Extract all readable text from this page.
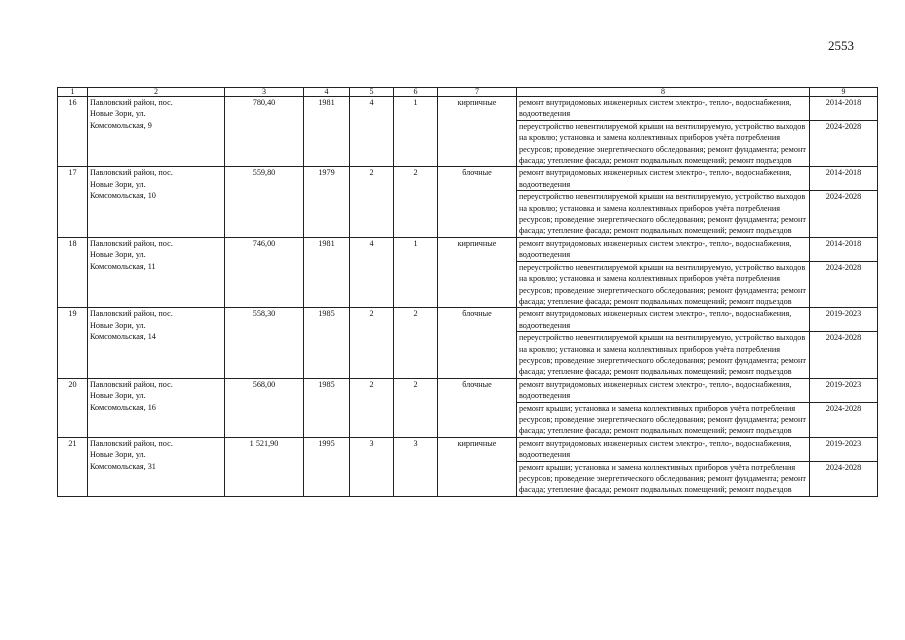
2553
1	2	3	4	5	6	7	8	9
16	Павловский район, пос.
Новые Зори, ул.
Комсомольская, 9	780,40	1981	4	1	кирпичные	ремонт внутридомовых инженерных систем электро-, тепло-, водоснабжения, водоотведения	2014-2018
							переустройство невентилируемой крыши на вентилируемую, устройство выходов на кровлю; установка и замена коллективных приборов учёта потребления ресурсов; проведение энергетического обследования; ремонт фундамента; ремонт фасада; утепление фасада; ремонт подвальных помещений; ремонт подъездов	2024-2028
17	Павловский район, пос.
Новые Зори, ул.
Комсомольская, 10	559,80	1979	2	2	блочные	ремонт внутридомовых инженерных систем электро-, тепло-, водоснабжения, водоотведения	2014-2018
							переустройство невентилируемой крыши на вентилируемую, устройство выходов на кровлю; установка и замена коллективных приборов учёта потребления ресурсов; проведение энергетического обследования; ремонт фундамента; ремонт фасада; утепление фасада; ремонт подвальных помещений; ремонт подъездов	2024-2028
18	Павловский район, пос.
Новые Зори, ул.
Комсомольская, 11	746,00	1981	4	1	кирпичные	ремонт внутридомовых инженерных систем электро-, тепло-, водоснабжения, водоотведения	2014-2018
							переустройство невентилируемой крыши на вентилируемую, устройство выходов на кровлю; установка и замена коллективных приборов учёта потребления ресурсов; проведение энергетического обследования; ремонт фундамента; ремонт фасада; утепление фасада; ремонт подвальных помещений; ремонт подъездов	2024-2028
19	Павловский район, пос.
Новые Зори, ул.
Комсомольская, 14	558,30	1985	2	2	блочные	ремонт внутридомовых инженерных систем электро-, тепло-, водоснабжения, водоотведения	2019-2023
							переустройство невентилируемой крыши на вентилируемую, устройство выходов на кровлю; установка и замена коллективных приборов учёта потребления ресурсов; проведение энергетического обследования; ремонт фундамента; ремонт фасада; утепление фасада; ремонт подвальных помещений; ремонт подъездов	2024-2028
20	Павловский район, пос.
Новые Зори, ул.
Комсомольская, 16	568,00	1985	2	2	блочные	ремонт внутридомовых инженерных систем электро-, тепло-, водоснабжения, водоотведения	2019-2023
							ремонт крыши; установка и замена коллективных приборов учёта потребления ресурсов; проведение энергетического обследования; ремонт фундамента; ремонт фасада; утепление фасада; ремонт подвальных помещений; ремонт подъездов	2024-2028
21	Павловский район, пос.
Новые Зори, ул.
Комсомольская, 31	1 521,90	1995	3	3	кирпичные	ремонт внутридомовых инженерных систем электро-, тепло-, водоснабжения, водоотведения	2019-2023
							ремонт крыши; установка и замена коллективных приборов учёта потребления ресурсов; проведение энергетического обследования; ремонт фундамента; ремонт фасада; утепление фасада; ремонт подвальных помещений; ремонт подъездов	2024-2028
